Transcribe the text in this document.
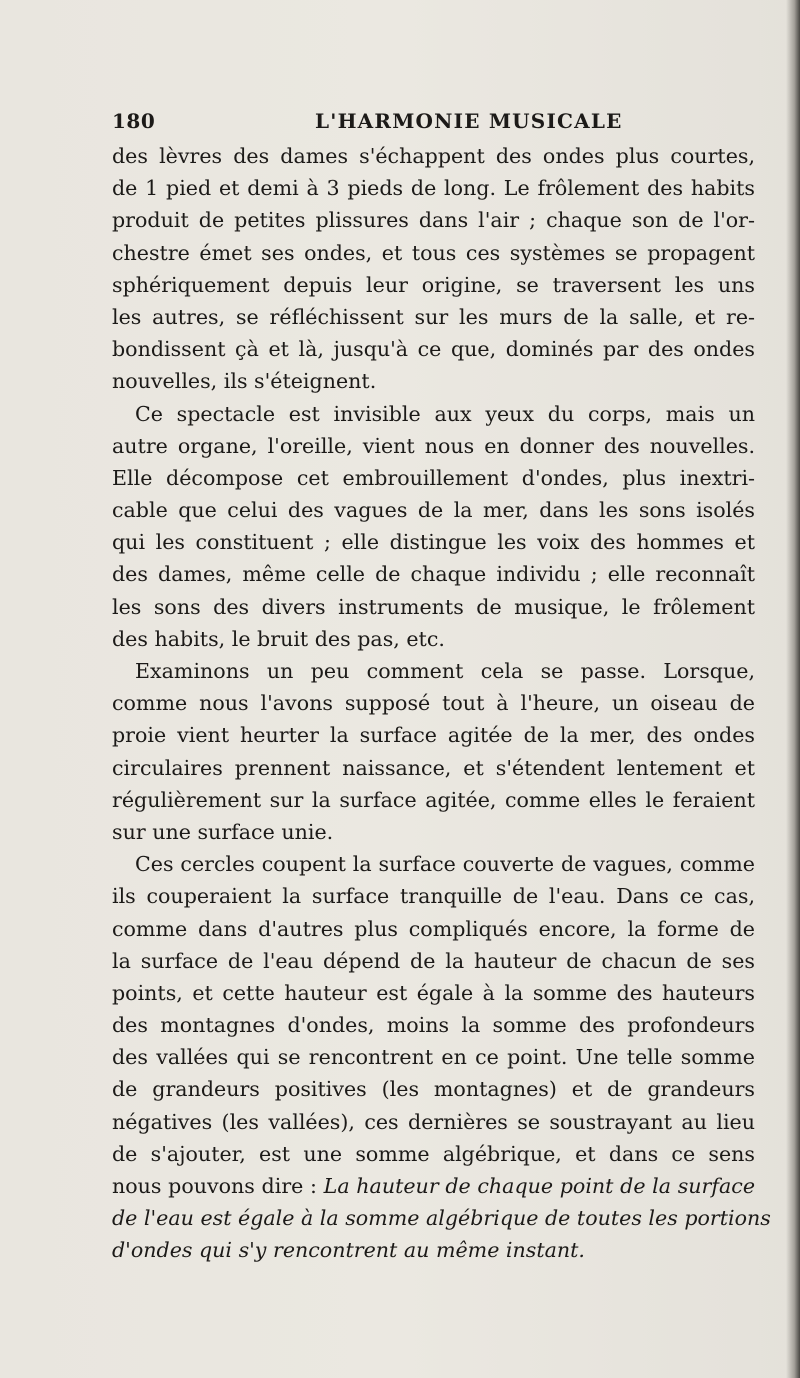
180	L'HARMONIE MUSICALE
des lèvres des dames s'échappent des ondes plus courtes,
de 1 pied et demi à 3 pieds de long. Le frôlement des habits
produit de petites plissures dans l'air ; chaque son de l'or-
chestre émet ses ondes, et tous ces systèmes se propagent
sphériquement depuis leur origine, se traversent les uns
les autres, se réfléchissent sur les murs de la salle, et re-
bondissent çà et là, jusqu'à ce que, dominés par des ondes
nouvelles, ils s'éteignent.
Ce spectacle est invisible aux yeux du corps, mais un
autre organe, l'oreille, vient nous en donner des nouvelles.
Elle décompose cet embrouillement d'ondes, plus inextri-
cable que celui des vagues de la mer, dans les sons isolés
qui les constituent ; elle distingue les voix des hommes et
des dames, même celle de chaque individu ; elle reconnaît
les sons des divers instruments de musique, le frôlement
des habits, le bruit des pas, etc.
Examinons un peu comment cela se passe. Lorsque,
comme nous l'avons supposé tout à l'heure, un oiseau de
proie vient heurter la surface agitée de la mer, des ondes
circulaires prennent naissance, et s'étendent lentement et
régulièrement sur la surface agitée, comme elles le feraient
sur une surface unie.
Ces cercles coupent la surface couverte de vagues, comme
ils couperaient la surface tranquille de l'eau. Dans ce cas,
comme dans d'autres plus compliqués encore, la forme de
la surface de l'eau dépend de la hauteur de chacun de ses
points, et cette hauteur est égale à la somme des hauteurs
des montagnes d'ondes, moins la somme des profondeurs
des vallées qui se rencontrent en ce point. Une telle somme
de grandeurs positives (les montagnes) et de grandeurs
négatives (les vallées), ces dernières se soustrayant au lieu
de s'ajouter, est une somme algébrique, et dans ce sens
nous pouvons dire : La hauteur de chaque point de la surface
de l'eau est égale à la somme algébrique de toutes les portions
d'ondes qui s'y rencontrent au même instant.
